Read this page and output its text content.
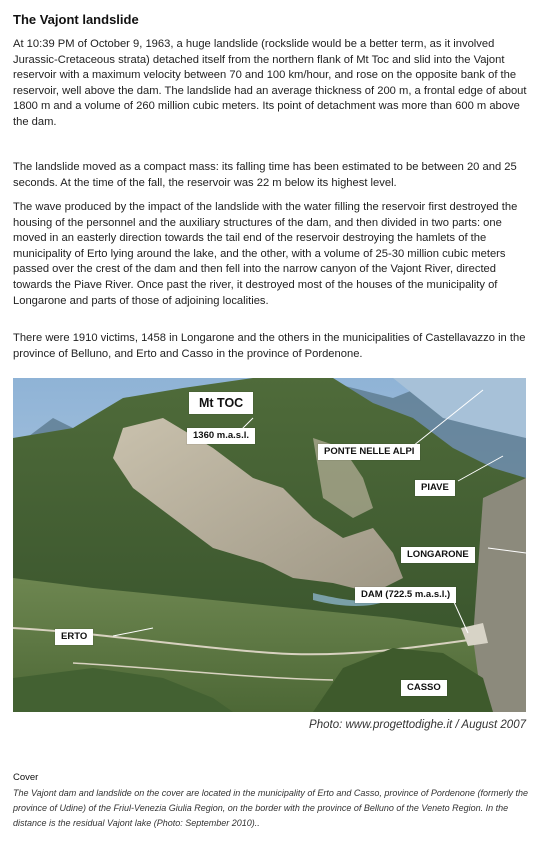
The Vajont landslide

At 10:39 PM of October 9, 1963, a huge landslide (rockslide would be a better term, as it involved Jurassic-Cretaceous strata) detached itself from the northern flank of Mt Toc and slid into the Vajont reservoir with a maximum velocity between 70 and 100 km/hour, and rose on the opposite bank of the reservoir, well above the dam. The landslide had an average thickness of 200 m, a frontal edge of about 1800 m and a volume of 260 million cubic meters. Its point of detachment was more than 600 m above the dam.

The landslide moved as a compact mass: its falling time has been estimated to be between 20 and 25 seconds. At the time of the fall, the reservoir was 22 m below its highest level.

The wave produced by the impact of the landslide with the water filling the reservoir first destroyed the housing of the personnel and the auxiliary structures of the dam, and then divided in two parts: one moved in an easterly direction towards the tail end of the reservoir destroying the hamlets of the municipality of Erto lying around the lake, and the other, with a volume of 25-30 million cubic meters passed over the crest of the dam and then fell into the narrow canyon of the Vajont River, directed towards the Piave River. Once past the river, it destroyed most of the houses of the municipality of Longarone and parts of those of adjoining localities.

There were 1910 victims, 1458 in Longarone and the others in the municipalities of Castellavazzo in the province of Belluno, and Erto and Casso in the province of Pordenone.

Mt TOC
1360 m.a.s.l.
PONTE NELLE ALPI
PIAVE
LONGARONE
DAM (722.5 m.a.s.l.)
ERTO
CASSO
Photo: www.progettodighe.it / August 2007
Cover

The Vajont dam and landslide on the cover are located in the municipality of Erto and Casso, province of Pordenone (formerly the province of Udine) of the Friul-Venezia Giulia Region, on the border with the province of Belluno of the Veneto Region. In the distance is the residual Vajont lake (Photo: September 2010)..
